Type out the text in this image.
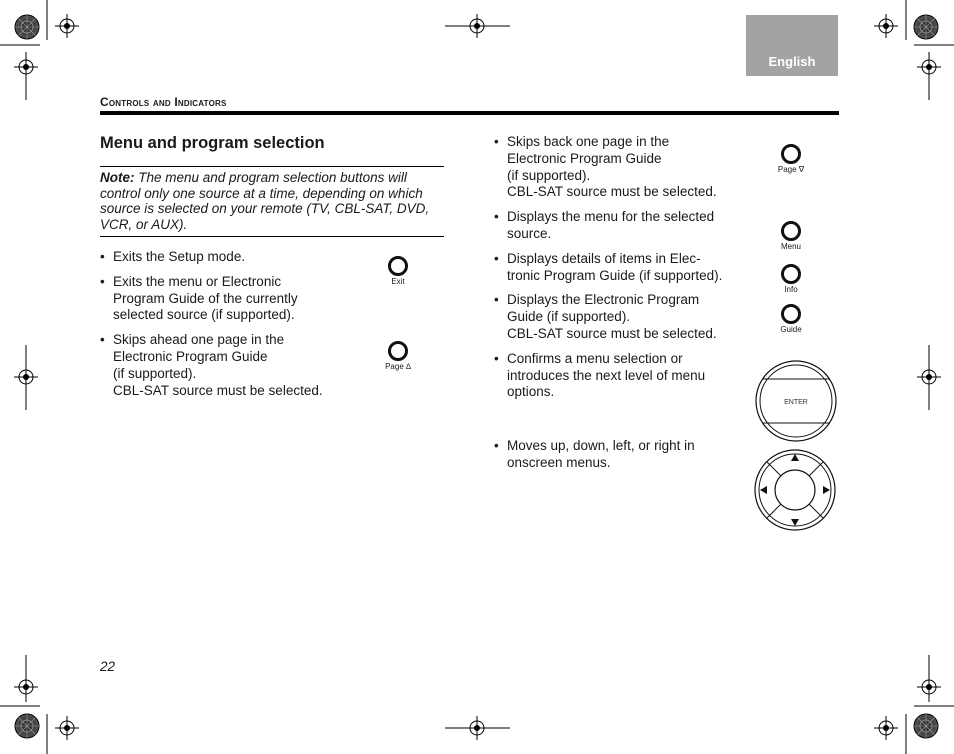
English
Controls and Indicators
Menu and program selection
Note: The menu and program selection buttons will control only one source at a time, depending on which source is selected on your remote (TV, CBL-SAT, DVD, VCR, or AUX).
• Exits the Setup mode.
• Exits the menu or Electronic
Program Guide of the currently
selected source (if supported).
• Skips ahead one page in the
Electronic Program Guide
(if supported).
CBL-SAT source must be selected.
Exit
Page ∆
• Skips back one page in the
Electronic Program Guide
(if supported).
CBL-SAT source must be selected.
• Displays the menu for the selected
source.
• Displays details of items in Elec-
tronic Program Guide (if supported).
• Displays the Electronic Program
Guide (if supported).
CBL-SAT source must be selected.
• Confirms a menu selection or
introduces the next level of menu
options.
• Moves up, down, left, or right in
onscreen menus.
Page ∇
Menu
Info
Guide
ENTER
22
